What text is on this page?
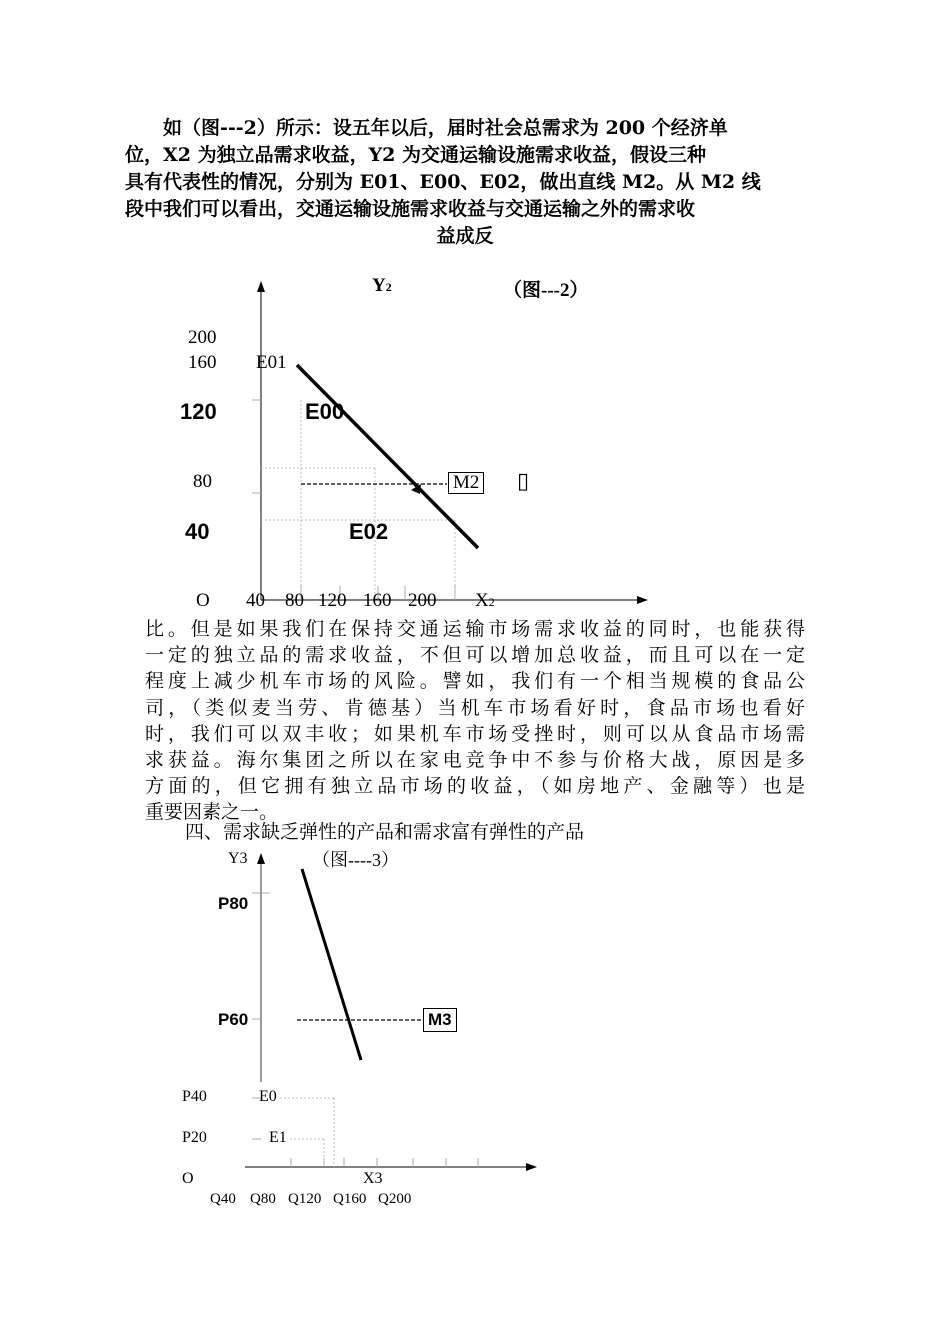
如（图---2）所示：设五年以后，届时社会总需求为 200 个经济单
位，X2 为独立品需求收益，Y2 为交通运输设施需求收益，假设三种
具有代表性的情况，分别为 E01、E00、E02，做出直线 M2。从 M2 线
段中我们可以看出，交通运输设施需求收益与交通运输之外的需求收
益成反
Y2	（图---2）
200
160
120
80
40
E01
E00
E02
M2 ▯
O 40 80 120 160 200 X2
比。但是如果我们在保持交通运输市场需求收益的同时，也能获得
一定的独立品的需求收益，不但可以增加总收益，而且可以在一定
程度上减少机车市场的风险。譬如，我们有一个相当规模的食品公
司，（类似麦当劳、肯德基）当机车市场看好时，食品市场也看好
时，我们可以双丰收；如果机车市场受挫时，则可以从食品市场需
求获益。海尔集团之所以在家电竞争中不参与价格大战，原因是多
方面的，但它拥有独立品市场的收益，（如房地产、金融等）也是
重要因素之一。
四、需求缺乏弹性的产品和需求富有弹性的产品
Y3	（图----3）
P80
P60
P40
P20
E0
E1
M3
O	X3
Q40 Q80 Q120 Q160 Q200
